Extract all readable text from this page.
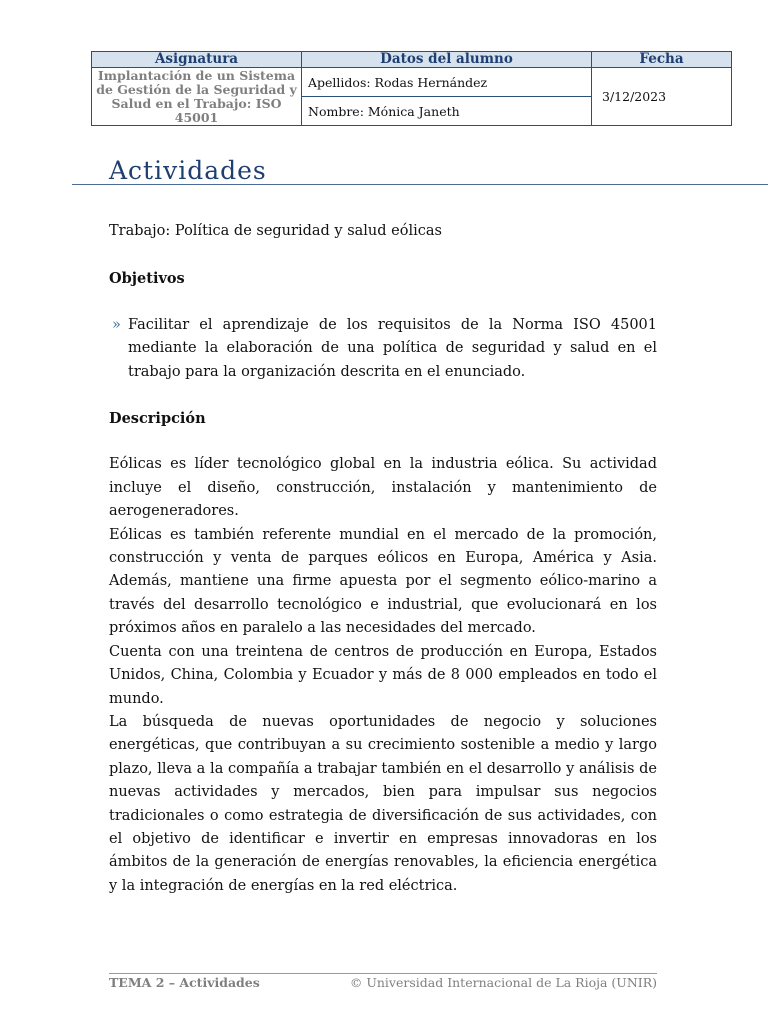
Asignatura	Datos del alumno	Fecha
Implantación de un Sistema de Gestión de la Seguridad y Salud en el Trabajo: ISO 45001	Apellidos: Rodas Hernández	3/12/2023
	Nombre: Mónica Janeth	
Actividades

Trabajo: Política de seguridad y salud eólicas

Objetivos

» Facilitar el aprendizaje de los requisitos de la Norma ISO 45001 mediante la elaboración de una política de seguridad y salud en el trabajo para la organización descrita en el enunciado.

Descripción

Eólicas es líder tecnológico global en la industria eólica. Su actividad incluye el diseño, construcción, instalación y mantenimiento de aerogeneradores.

Eólicas es también referente mundial en el mercado de la promoción, construcción y venta de parques eólicos en Europa, América y Asia. Además, mantiene una firme apuesta por el segmento eólico-marino a través del desarrollo tecnológico e industrial, que evolucionará en los próximos años en paralelo a las necesidades del mercado.

Cuenta con una treintena de centros de producción en Europa, Estados Unidos, China, Colombia y Ecuador y más de 8 000 empleados en todo el mundo.

La búsqueda de nuevas oportunidades de negocio y soluciones energéticas, que contribuyan a su crecimiento sostenible a medio y largo plazo, lleva a la compañía a trabajar también en el desarrollo y análisis de nuevas actividades y mercados, bien para impulsar sus negocios tradicionales o como estrategia de diversificación de sus actividades, con el objetivo de identificar e invertir en empresas innovadoras en los ámbitos de la generación de energías renovables, la eficiencia energética y la integración de energías en la red eléctrica.

TEMA 2 – Actividades	© Universidad Internacional de La Rioja (UNIR)
